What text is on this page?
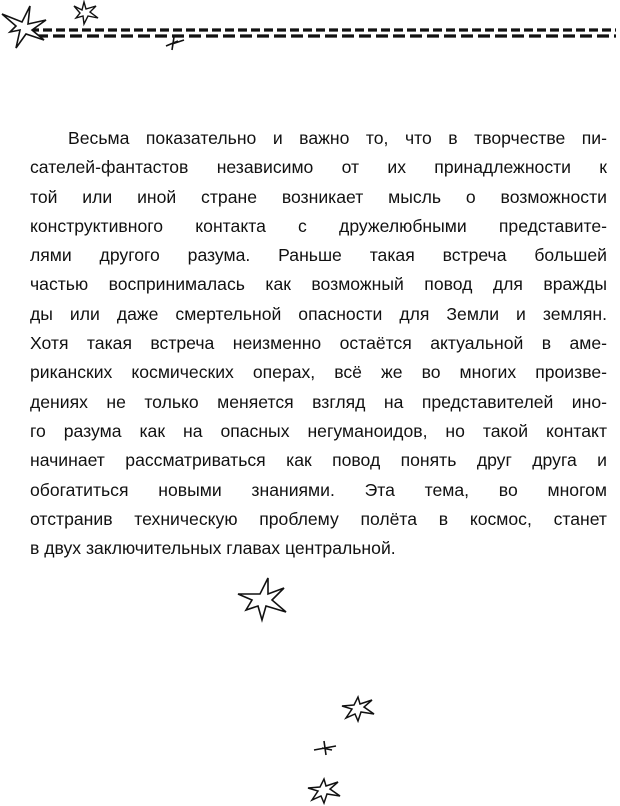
Весьма показательно и важно то, что в творчестве пи-
сателей-фантастов независимо от их принадлежности к
той или иной стране возникает мысль о возможности
конструктивного контакта с дружелюбными представите-
лями другого разума. Раньше такая встреча большей
частью воспринималась как возможный повод для вражды
ды или даже смертельной опасности для Земли и землян.
Хотя такая встреча неизменно остаётся актуальной в аме-
риканских космических операх, всё же во многих произве-
дениях не только меняется взгляд на представителей ино-
го разума как на опасных негуманоидов, но такой контакт
начинает рассматриваться как повод понять друг друга и
обогатиться новыми знаниями. Эта тема, во многом
отстранив техническую проблему полёта в космос, станет
в двух заключительных главах центральной.
